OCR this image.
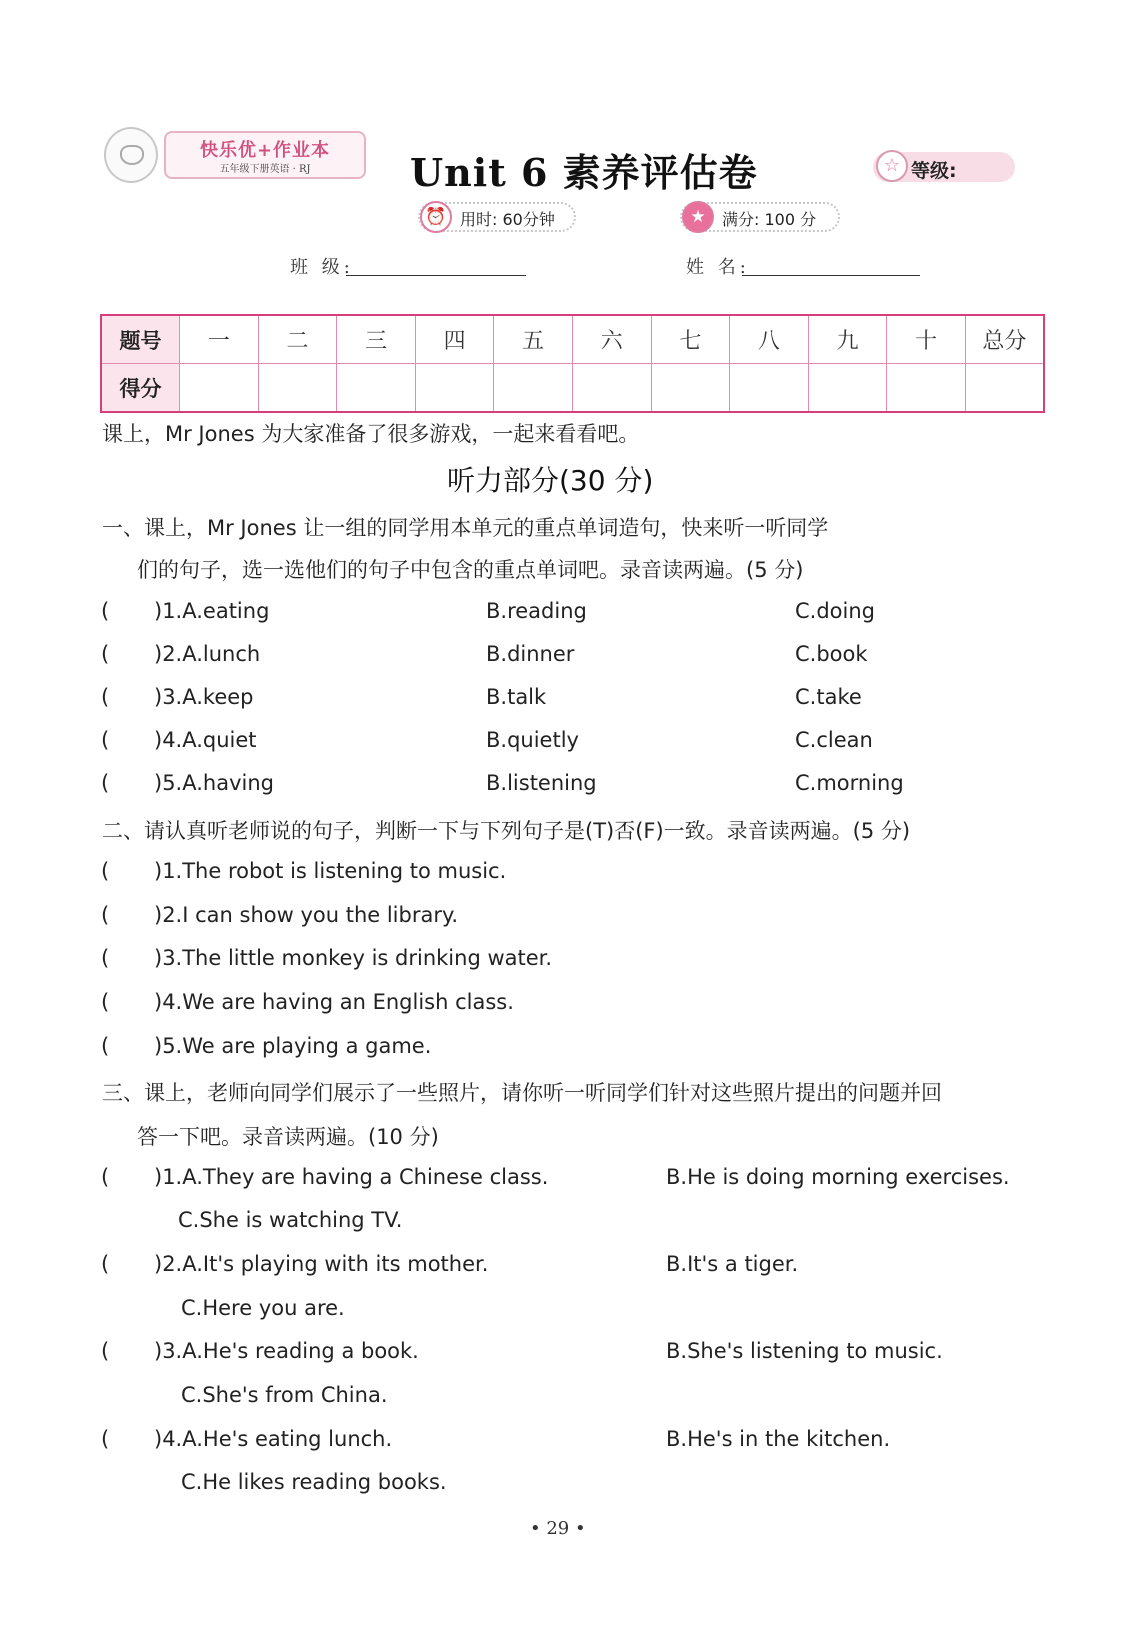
快乐优+作业本
五年级下册英语 · RJ	Unit 6 素养评估卷	☆ 等级:
⏰ 用时: 60分钟	★	满分: 100 分
班 级:	姓 名:
题号	一	二	三	四	五	六	七	八	九	十	总分
得分											
课上，Mr Jones 为大家准备了很多游戏，一起来看看吧。
听力部分(30 分)
一、课上，Mr Jones 让一组的同学用本单元的重点单词造句，快来听一听同学
们的句子，选一选他们的句子中包含的重点单词吧。录音读两遍。(5 分)
( )1.A.eating	B.reading	C.doing
( )2.A.lunch	B.dinner	C.book
( )3.A.keep	B.talk	C.take
( )4.A.quiet	B.quietly	C.clean
( )5.A.having	B.listening	C.morning
二、请认真听老师说的句子，判断一下与下列句子是(T)否(F)一致。录音读两遍。(5 分)
( )1.The robot is listening to music.
( )2.I can show you the library.
( )3.The little monkey is drinking water.
( )4.We are having an English class.
( )5.We are playing a game.
三、课上，老师向同学们展示了一些照片，请你听一听同学们针对这些照片提出的问题并回
答一下吧。录音读两遍。(10 分)
( )1.A.They are having a Chinese class.	B.He is doing morning exercises.
C.She is watching TV.
( )2.A.It's playing with its mother.	B.It's a tiger.
C.Here you are.
( )3.A.He's reading a book.	B.She's listening to music.
C.She's from China.
( )4.A.He's eating lunch.	B.He's in the kitchen.
C.He likes reading books.
• 29 •
